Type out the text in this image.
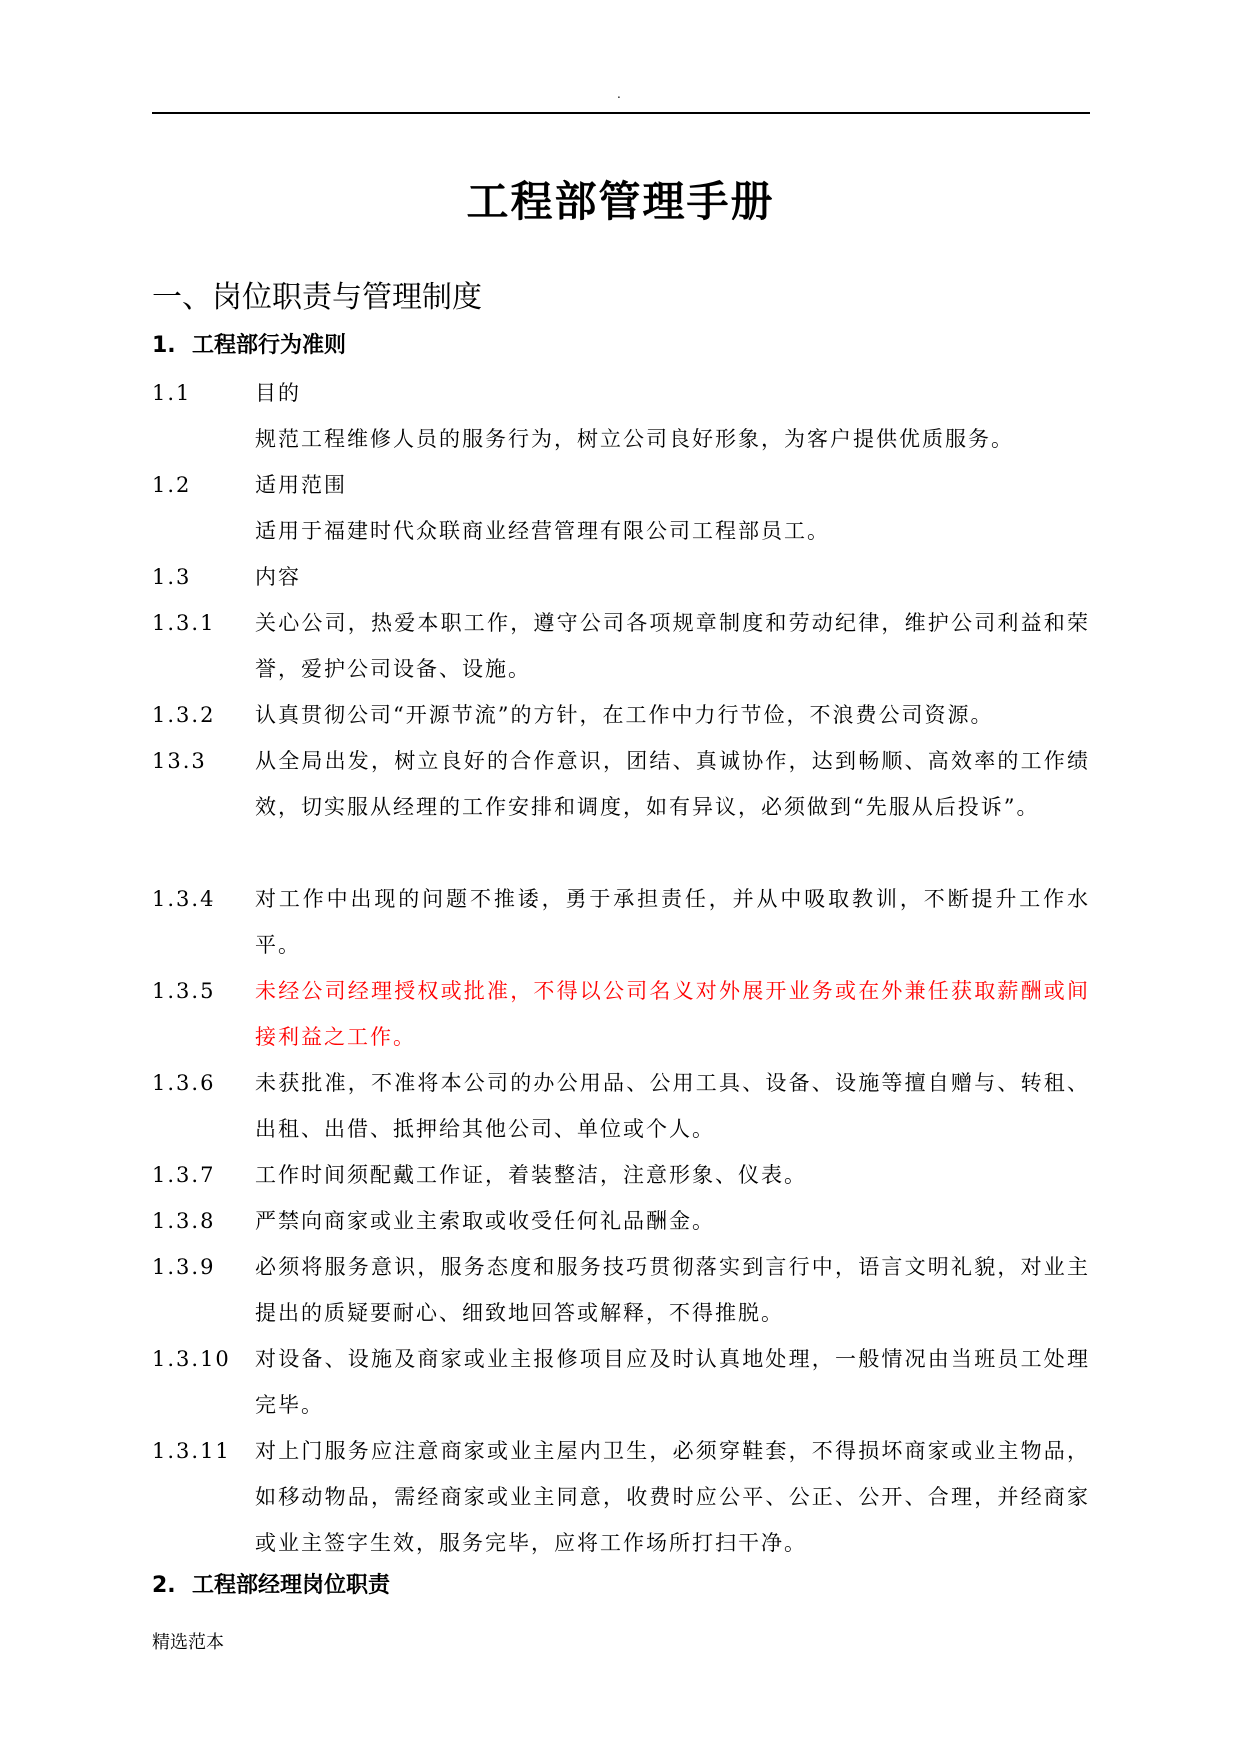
.
工程部管理手册
一、岗位职责与管理制度
1. 工程部行为准则
1.1	目的
规范工程维修人员的服务行为，树立公司良好形象，为客户提供优质服务。
1.2	适用范围
适用于福建时代众联商业经营管理有限公司工程部员工。
1.3	内容
1.3.1	关心公司，热爱本职工作，遵守公司各项规章制度和劳动纪律，维护公司利益和荣誉，爱护公司设备、设施。
1.3.2	认真贯彻公司“开源节流”的方针，在工作中力行节俭，不浪费公司资源。
13.3	从全局出发，树立良好的合作意识，团结、真诚协作，达到畅顺、高效率的工作绩效，切实服从经理的工作安排和调度，如有异议，必须做到“先服从后投诉”。
1.3.4	对工作中出现的问题不推诿，勇于承担责任，并从中吸取教训，不断提升工作水平。
1.3.5	未经公司经理授权或批准，不得以公司名义对外展开业务或在外兼任获取薪酬或间接利益之工作。
1.3.6	未获批准，不准将本公司的办公用品、公用工具、设备、设施等擅自赠与、转租、出租、出借、抵押给其他公司、单位或个人。
1.3.7	工作时间须配戴工作证，着装整洁，注意形象、仪表。
1.3.8	严禁向商家或业主索取或收受任何礼品酬金。
1.3.9	必须将服务意识，服务态度和服务技巧贯彻落实到言行中，语言文明礼貌，对业主提出的质疑要耐心、细致地回答或解释，不得推脱。
1.3.10	对设备、设施及商家或业主报修项目应及时认真地处理，一般情况由当班员工处理完毕。
1.3.11	对上门服务应注意商家或业主屋内卫生，必须穿鞋套，不得损坏商家或业主物品，如移动物品，需经商家或业主同意，收费时应公平、公正、公开、合理，并经商家或业主签字生效，服务完毕，应将工作场所打扫干净。
2. 工程部经理岗位职责
精选范本
